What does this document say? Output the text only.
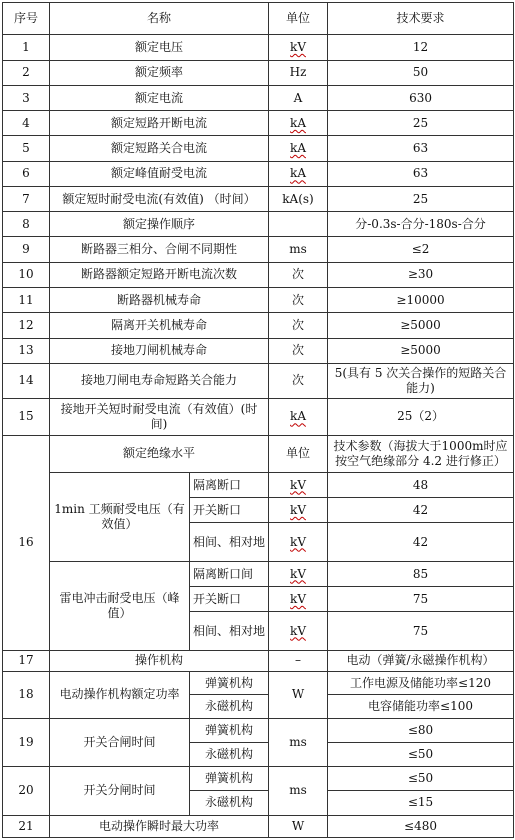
序号	名称		单位	技术要求
1	额定电压		kV	12
2	额定频率		Hz	50
3	额定电流		A	630
4	额定短路开断电流		kA	25
5	额定短路关合电流		kA	63
6	额定峰值耐受电流		kA	63
7	额定短时耐受电流(有效值) （时间）		kA(s)	25
8	额定操作顺序			分-0.3s-合分-180s-合分
9	断路器三相分、合闸不同期性		ms	≤2
10	断路器额定短路开断电流次数		次	≥30
11	断路器机械寿命		次	≥10000
12	隔离开关机械寿命		次	≥5000
13	接地刀闸机械寿命		次	≥5000
14	接地刀闸电寿命短路关合能力		次	5(具有 5 次关合操作的短路关合能力)
15	接地开关短时耐受电流（有效值）(时间)		kA	25（2）
16	额定绝缘水平		单位	技术参数（海拔大于1000m时应按空气绝缘部分 4.2 进行修正）
	1min 工频耐受电压（有效值）	隔离断口	kV	48
		开关断口	kV	42
		相间、相对地	kV	42
	雷电冲击耐受电压（峰值）	隔离断口间	kV	85
		开关断口	kV	75
		相间、相对地	kV	75
17	操作机构		–	电动（弹簧/永磁操作机构）
18	电动操作机构额定功率	弹簧机构	W	工作电源及储能功率≤120
		永磁机构		电容储能功率≤100
19	开关合闸时间	弹簧机构	ms	≤80
		永磁机构		≤50
20	开关分闸时间	弹簧机构	ms	≤50
		永磁机构		≤15
21	电动操作瞬时最大功率		W	≤480
